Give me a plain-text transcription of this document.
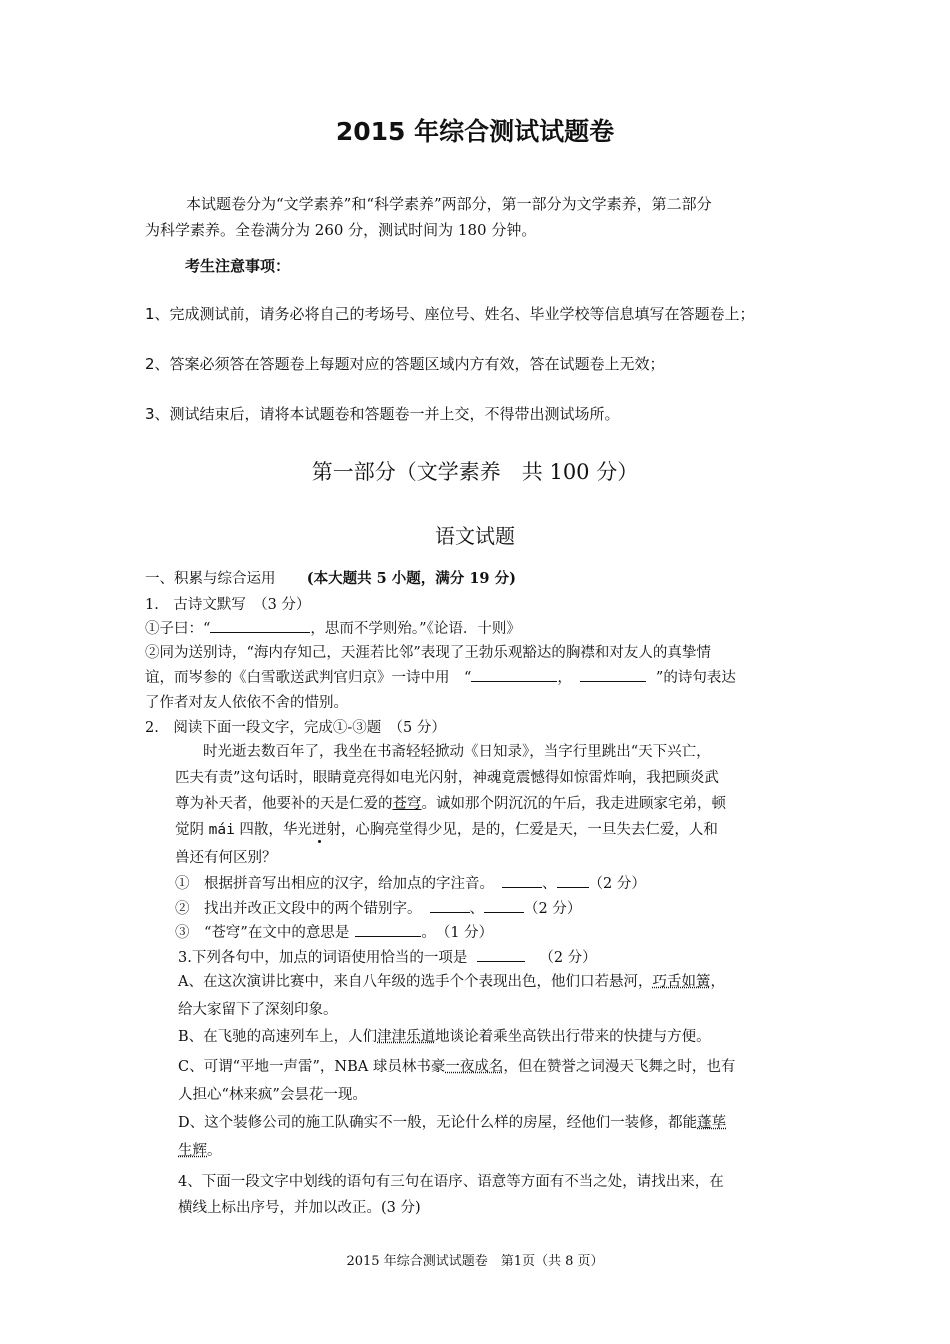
2015 年综合测试试题卷
本试题卷分为“文学素养”和“科学素养”两部分，第一部分为文学素养，第二部分
为科学素养。全卷满分为 260 分，测试时间为 180 分钟。
考生注意事项：
1、完成测试前，请务必将自己的考场号、座位号、姓名、毕业学校等信息填写在答题卷上；
2、答案必须答在答题卷上每题对应的答题区域内方有效，答在试题卷上无效；
3、测试结束后，请将本试题卷和答题卷一并上交，不得带出测试场所。
第一部分（文学素养　共 100 分）
语文试题
一、积累与综合运用 (本大题共 5 小题，满分 19 分)
1.　古诗文默写　（3 分）
①子曰：“	，思而不学则殆。”《论语．十则》
②同为送别诗，“海内存知己，天涯若比邻”表现了王勃乐观豁达的胸襟和对友人的真挚情
谊，而岑参的《白雪歌送武判官归京》一诗中用　“	，	”的诗句表达
了作者对友人依依不舍的惜别。
2.　阅读下面一段文字，完成①-③题　（5 分）
时光逝去数百年了，我坐在书斋轻轻掀动《日知录》，当字行里跳出“天下兴亡，
匹夫有责”这句话时，眼睛竟亮得如电光闪射，神魂竟震憾得如惊雷炸响，我把顾炎武
尊为补天者，他要补的天是仁爱的苍穹。诚如那个阴沉沉的午后，我走进顾家宅弟，顿
觉阴 mái 四散，华光迸射，心胸亮堂得少见，是的，仁爱是天，一旦失去仁爱，人和
兽还有何区别？
①　根据拼音写出相应的汉字，给加点的字注音。	、 （2 分）
②　找出并改正文段中的两个错别字。	、	（2 分）
③　“苍穹”在文中的意思是	。　（1 分）
3.下列各句中，加点的词语使用恰当的一项是	（2 分）
A、在这次演讲比赛中，来自八年级的选手个个表现出色，他们口若悬河，巧舌如簧，
给大家留下了深刻印象。
B、在飞驰的高速列车上，人们津津乐道地谈论着乘坐高铁出行带来的快捷与方便。
C、可谓“平地一声雷”，NBA 球员林书豪一夜成名，但在赞誉之词漫天飞舞之时，也有
人担心“林来疯”会昙花一现。
D、这个装修公司的施工队确实不一般，无论什么样的房屋，经他们一装修，都能蓬荜
生辉。
4、下面一段文字中划线的语句有三句在语序、语意等方面有不当之处，请找出来，在
横线上标出序号，并加以改正。(3 分)
2015 年综合测试试题卷　第1页（共 8 页）
